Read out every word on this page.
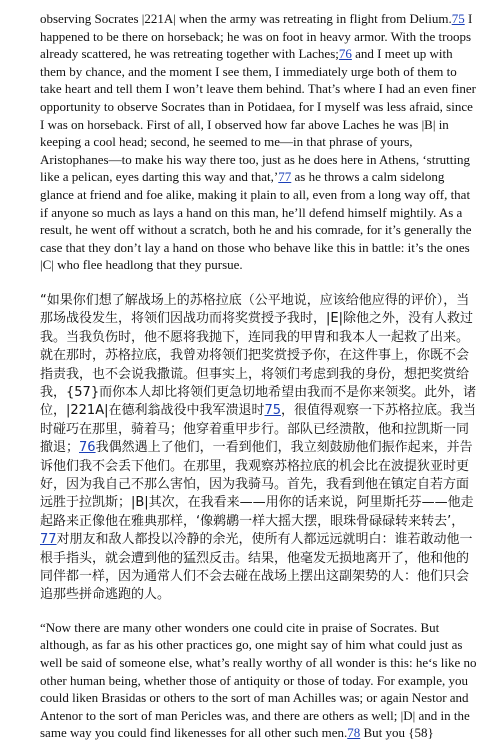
observing Socrates |221A| when the army was retreating in flight from Delium.75 I happened to be there on horseback; he was on foot in heavy armor. With the troops already scattered, he was retreating together with Laches;76 and I meet up with them by chance, and the moment I see them, I immediately urge both of them to take heart and tell them I won’t leave them behind. That’s where I had an even finer opportunity to observe Socrates than in Potidaea, for I myself was less afraid, since I was on horseback. First of all, I observed how far above Laches he was |B| in keeping a cool head; second, he seemed to me—in that phrase of yours, Aristophanes—to make his way there too, just as he does here in Athens, ‘strutting like a pelican, eyes darting this way and that,’77 as he throws a calm sidelong glance at friend and foe alike, making it plain to all, even from a long way off, that if anyone so much as lays a hand on this man, he’ll defend himself mightily. As a result, he went off without a scratch, both he and his comrade, for it’s generally the case that they don’t lay a hand on those who behave like this in battle: it’s the ones |C| who flee headlong that they pursue.

“如果你们想了解战场上的苏格拉底（公平地说，应该给他应得的评价），当那场战役发生，将领们因战功而将奖赏授予我时，|E|除他之外，没有人救过我。当我负伤时，他不愿将我抛下，连同我的甲胄和我本人一起救了出来。就在那时，苏格拉底，我曾劝将领们把奖赏授予你，在这件事上，你既不会指责我，也不会说我撒谎。但事实上，将领们考虑到我的身份，想把奖赏给我，{57}而你本人却比将领们更急切地希望由我而不是你来领奖。此外，诸位，|221A|在德利翁战役中我军溃退时75，很值得观察一下苏格拉底。我当时碰巧在那里，骑着马；他穿着重甲步行。部队已经溃散，他和拉凯斯一同撤退；76我偶然遇上了他们，一看到他们，我立刻鼓励他们振作起来，并告诉他们我不会丢下他们。在那里，我观察苏格拉底的机会比在波提狄亚时更好，因为我自己不那么害怕，因为我骑马。首先，我看到他在镇定自若方面远胜于拉凯斯；|B|其次，在我看来——用你的话来说，阿里斯托芬——他走起路来正像他在雅典那样，‘像鹈鹕一样大摇大摆，眼珠骨碌碌转来转去’，77对朋友和敌人都投以冷静的余光，使所有人都远远就明白：谁若敢动他一根手指头，就会遭到他的猛烈反击。结果，他毫发无损地离开了，他和他的同伴都一样，因为通常人们不会去碰在战场上摆出这副架势的人：他们只会追那些拼命逃跑的人。

“Now there are many other wonders one could cite in praise of Socrates. But although, as far as his other practices go, one might say of him what could just as well be said of someone else, what’s really worthy of all wonder is this: he‘s like no other human being, whether those of antiquity or those of today. For example, you could liken Brasidas or others to the sort of man Achilles was; or again Nestor and Antenor to the sort of man Pericles was, and there are others as well; |D| and in the same way you could find likenesses for all other such men.78 But you {58}
